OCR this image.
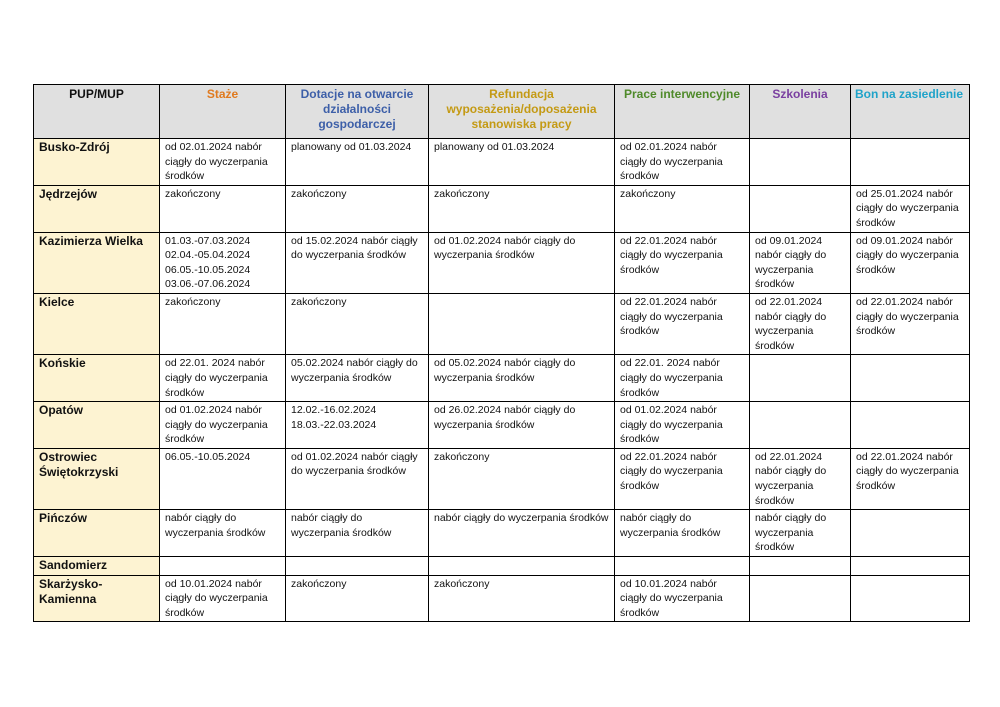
PUP/MUP	Staże	Dotacje na otwarcie działalności gospodarczej	Refundacja wyposażenia/doposażenia stanowiska pracy	Prace interwencyjne	Szkolenia	Bon na zasiedlenie
Busko-Zdrój	od 02.01.2024 nabór ciągły do wyczerpania środków	planowany od 01.03.2024	planowany od 01.03.2024	od 02.01.2024 nabór ciągły do wyczerpania środków		
Jędrzejów	zakończony	zakończony	zakończony	zakończony		od 25.01.2024 nabór ciągły do wyczerpania środków
Kazimierza Wielka	01.03.-07.03.2024
02.04.-05.04.2024
06.05.-10.05.2024
03.06.-07.06.2024	od 15.02.2024 nabór ciągły do wyczerpania środków	od 01.02.2024 nabór ciągły do wyczerpania środków	od 22.01.2024 nabór ciągły do wyczerpania środków	od 09.01.2024 nabór ciągły do wyczerpania środków	od 09.01.2024 nabór ciągły do wyczerpania środków
Kielce	zakończony	zakończony		od 22.01.2024 nabór ciągły do wyczerpania środków	od 22.01.2024 nabór ciągły do wyczerpania środków	od 22.01.2024 nabór ciągły do wyczerpania środków
Końskie	od 22.01. 2024 nabór ciągły do wyczerpania środków	05.02.2024 nabór ciągły do wyczerpania środków	od 05.02.2024 nabór ciągły do wyczerpania środków	od 22.01. 2024 nabór ciągły do wyczerpania środków		
Opatów	od 01.02.2024 nabór ciągły do wyczerpania środków	12.02.-16.02.2024
18.03.-22.03.2024	od 26.02.2024 nabór ciągły do wyczerpania środków	od 01.02.2024 nabór ciągły do wyczerpania środków		
Ostrowiec Świętokrzyski	06.05.-10.05.2024	od 01.02.2024 nabór ciągły do wyczerpania środków	zakończony	od 22.01.2024 nabór ciągły do wyczerpania środków	od 22.01.2024 nabór ciągły do wyczerpania środków	od 22.01.2024 nabór ciągły do wyczerpania środków
Pińczów	nabór ciągły do wyczerpania środków	nabór ciągły do wyczerpania środków	nabór ciągły do wyczerpania środków	nabór ciągły do wyczerpania środków	nabór ciągły do wyczerpania środków	
Sandomierz						
Skarżysko-Kamienna	od 10.01.2024 nabór ciągły do wyczerpania środków	zakończony	zakończony	od 10.01.2024 nabór ciągły do wyczerpania środków		
